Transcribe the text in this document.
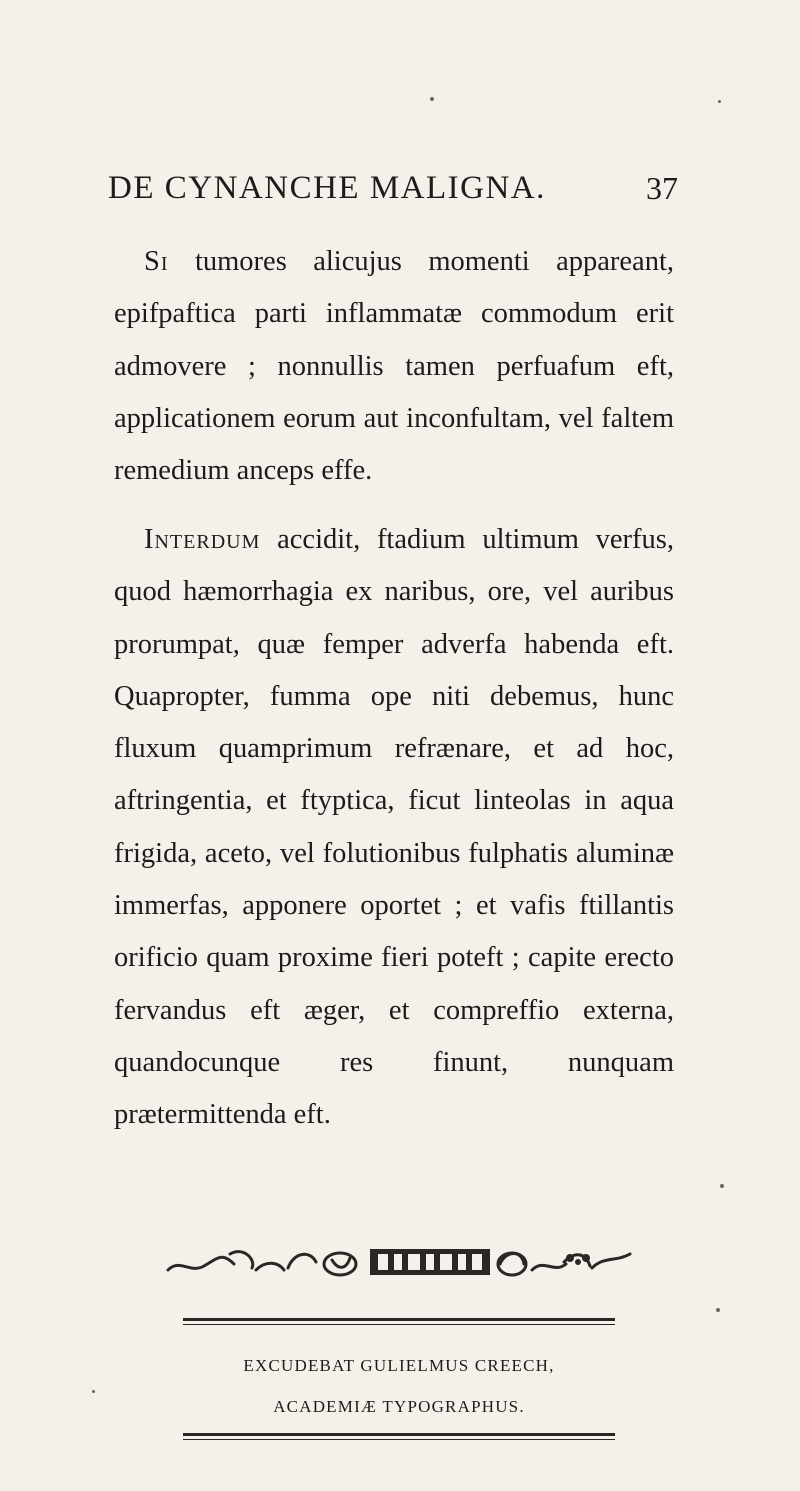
DE CYNANCHE MALIGNA.	37

Si tumores alicujus momenti appareant, epifpaftica parti inflammatæ commodum erit admovere ; nonnullis tamen perfuafum eft, applicationem eorum aut inconfultam, vel faltem remedium anceps effe.

Interdum accidit, ftadium ultimum verfus, quod hæmorrhagia ex naribus, ore, vel auribus prorumpat, quæ femper adverfa habenda eft. Quapropter, fumma ope niti debemus, hunc fluxum quamprimum refrænare, et ad hoc, aftringentia, et ftyptica, ficut linteolas in aqua frigida, aceto, vel folutionibus fulphatis aluminæ immerfas, apponere oportet ; et vafis ftillantis orificio quam proxime fieri poteft ; capite erecto fervandus eft æger, et compreffio externa, quandocunque res finunt, nunquam prætermittenda eft.

EXCUDEBAT GULIELMUS CREECH,
ACADEMIÆ TYPOGRAPHUS.
